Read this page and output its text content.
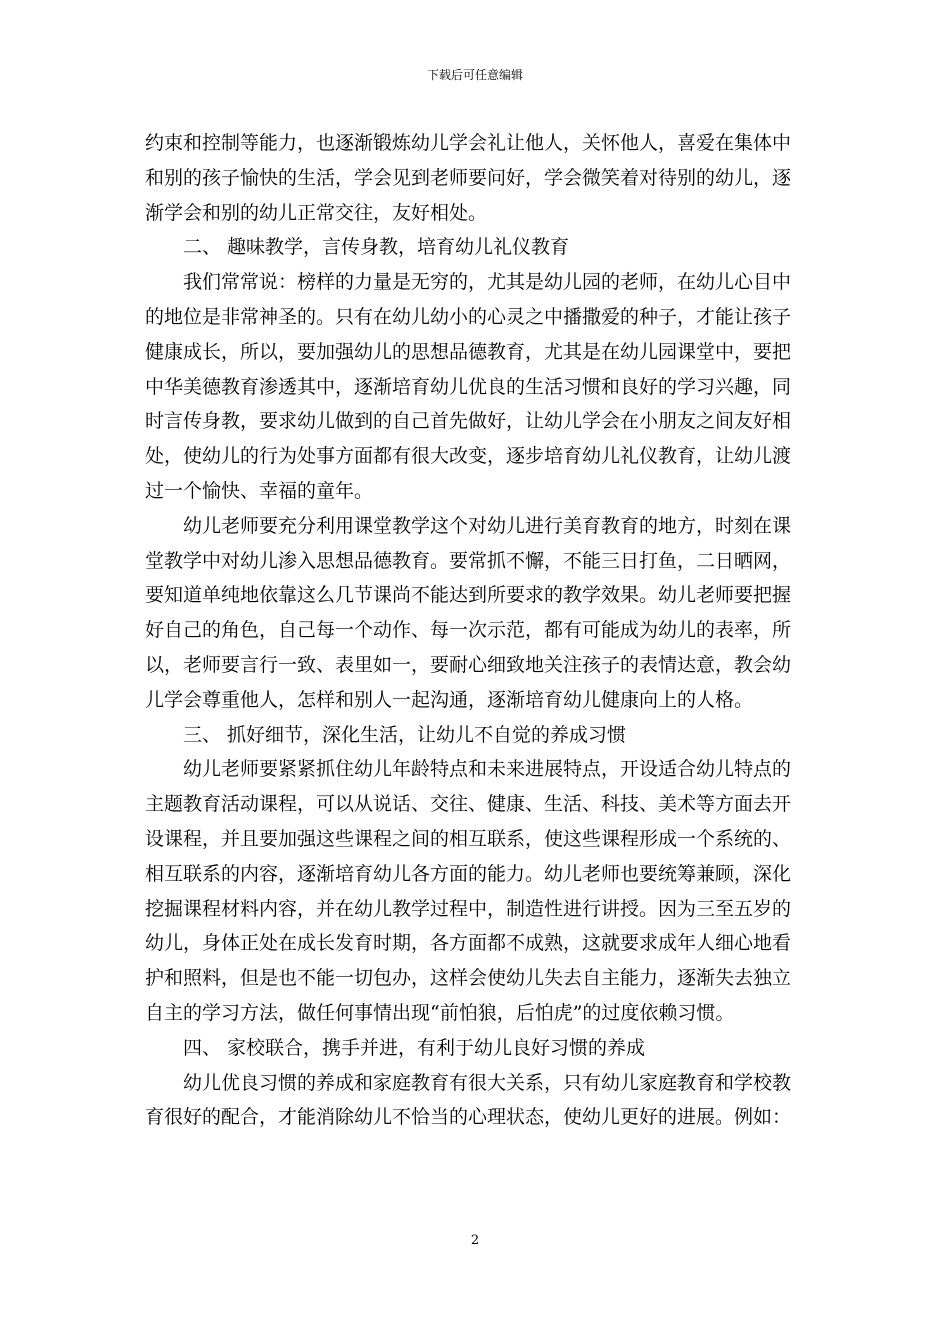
下载后可任意编辑
约束和控制等能力，也逐渐锻炼幼儿学会礼让他人，关怀他人，喜爱在集体中
和别的孩子愉快的生活，学会见到老师要问好，学会微笑着对待别的幼儿，逐
渐学会和别的幼儿正常交往，友好相处。
二、 趣味教学，言传身教，培育幼儿礼仪教育
我们常常说：榜样的力量是无穷的，尤其是幼儿园的老师，在幼儿心目中
的地位是非常神圣的。只有在幼儿幼小的心灵之中播撒爱的种子，才能让孩子
健康成长，所以，要加强幼儿的思想品德教育，尤其是在幼儿园课堂中，要把
中华美德教育渗透其中，逐渐培育幼儿优良的生活习惯和良好的学习兴趣，同
时言传身教，要求幼儿做到的自己首先做好，让幼儿学会在小朋友之间友好相
处，使幼儿的行为处事方面都有很大改变，逐步培育幼儿礼仪教育，让幼儿渡
过一个愉快、幸福的童年。
幼儿老师要充分利用课堂教学这个对幼儿进行美育教育的地方，时刻在课
堂教学中对幼儿渗入思想品德教育。要常抓不懈，不能三日打鱼，二日晒网，
要知道单纯地依靠这么几节课尚不能达到所要求的教学效果。幼儿老师要把握
好自己的角色，自己每一个动作、每一次示范，都有可能成为幼儿的表率，所
以，老师要言行一致、表里如一，要耐心细致地关注孩子的表情达意，教会幼
儿学会尊重他人，怎样和别人一起沟通，逐渐培育幼儿健康向上的人格。
三、 抓好细节，深化生活，让幼儿不自觉的养成习惯
幼儿老师要紧紧抓住幼儿年龄特点和未来进展特点，开设适合幼儿特点的
主题教育活动课程，可以从说话、交往、健康、生活、科技、美术等方面去开
设课程，并且要加强这些课程之间的相互联系，使这些课程形成一个系统的、
相互联系的内容，逐渐培育幼儿各方面的能力。幼儿老师也要统筹兼顾，深化
挖掘课程材料内容，并在幼儿教学过程中，制造性进行讲授。因为三至五岁的
幼儿，身体正处在成长发育时期，各方面都不成熟，这就要求成年人细心地看
护和照料，但是也不能一切包办，这样会使幼儿失去自主能力，逐渐失去独立
自主的学习方法，做任何事情出现“前怕狼，后怕虎”的过度依赖习惯。
四、 家校联合，携手并进，有利于幼儿良好习惯的养成
幼儿优良习惯的养成和家庭教育有很大关系，只有幼儿家庭教育和学校教
育很好的配合，才能消除幼儿不恰当的心理状态，使幼儿更好的进展。例如：
2
